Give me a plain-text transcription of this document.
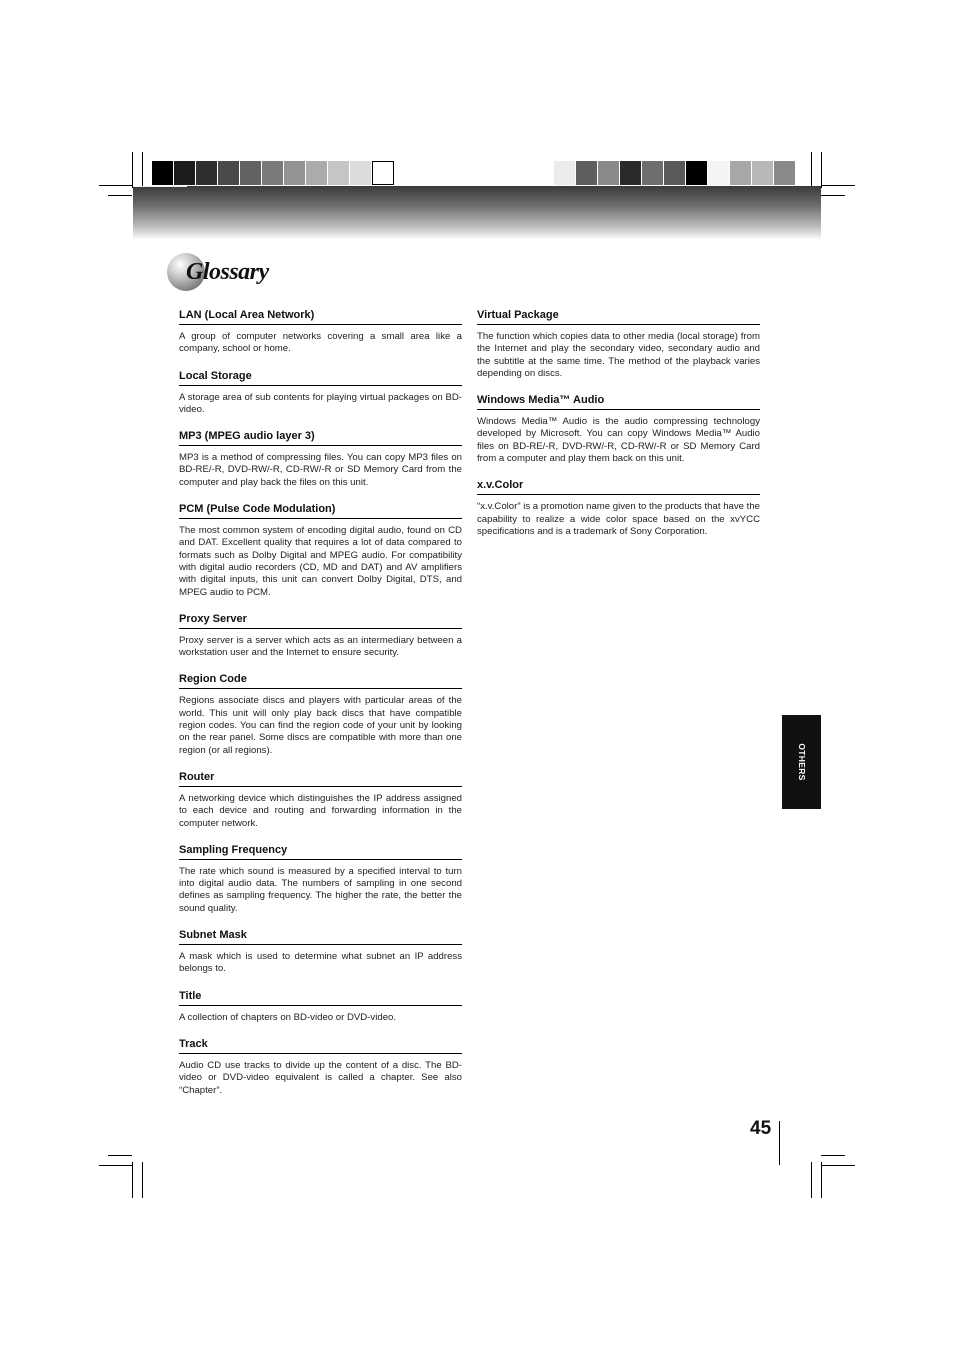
Glossary
LAN (Local Area Network)

A group of computer networks covering a small area like a company, school or home.

Local Storage

A storage area of sub contents for playing virtual packages on BD-video.

MP3 (MPEG audio layer 3)

MP3 is a method of compressing files. You can copy MP3 files on BD-RE/-R, DVD-RW/-R, CD-RW/-R or SD Memory Card from the computer and play back the files on this unit.

PCM (Pulse Code Modulation)

The most common system of encoding digital audio, found on CD and DAT. Excellent quality that requires a lot of data compared to formats such as Dolby Digital and MPEG audio. For compatibility with digital audio recorders (CD, MD and DAT) and AV amplifiers with digital inputs, this unit can convert Dolby Digital, DTS, and MPEG audio to PCM.

Proxy Server

Proxy server is a server which acts as an intermediary between a workstation user and the Internet to ensure security.

Region Code

Regions associate discs and players with particular areas of the world. This unit will only play back discs that have compatible region codes. You can find the region code of your unit by looking on the rear panel. Some discs are compatible with more than one region (or all regions).

Router

A networking device which distinguishes the IP address assigned to each device and routing and forwarding information in the computer network.

Sampling Frequency

The rate which sound is measured by a specified interval to turn into digital audio data. The numbers of sampling in one second defines as sampling frequency. The higher the rate, the better the sound quality.

Subnet Mask

A mask which is used to determine what subnet an IP address belongs to.

Title

A collection of chapters on BD-video or DVD-video.

Track

Audio CD use tracks to divide up the content of a disc. The BD-video or DVD-video equivalent is called a chapter. See also “Chapter”.

Virtual Package

The function which copies data to other media (local storage) from the Internet and play the secondary video, secondary audio and the subtitle at the same time. The method of the playback varies depending on discs.

Windows Media™ Audio

Windows Media™ Audio is the audio compressing technology developed by Microsoft. You can copy Windows Media™ Audio files on BD-RE/-R, DVD-RW/-R, CD-RW/-R or SD Memory Card from a computer and play them back on this unit.

x.v.Color

“x.v.Color” is a promotion name given to the products that have the capability to realize a wide color space based on the xvYCC specifications and is a trademark of Sony Corporation.

OTHERS
45
